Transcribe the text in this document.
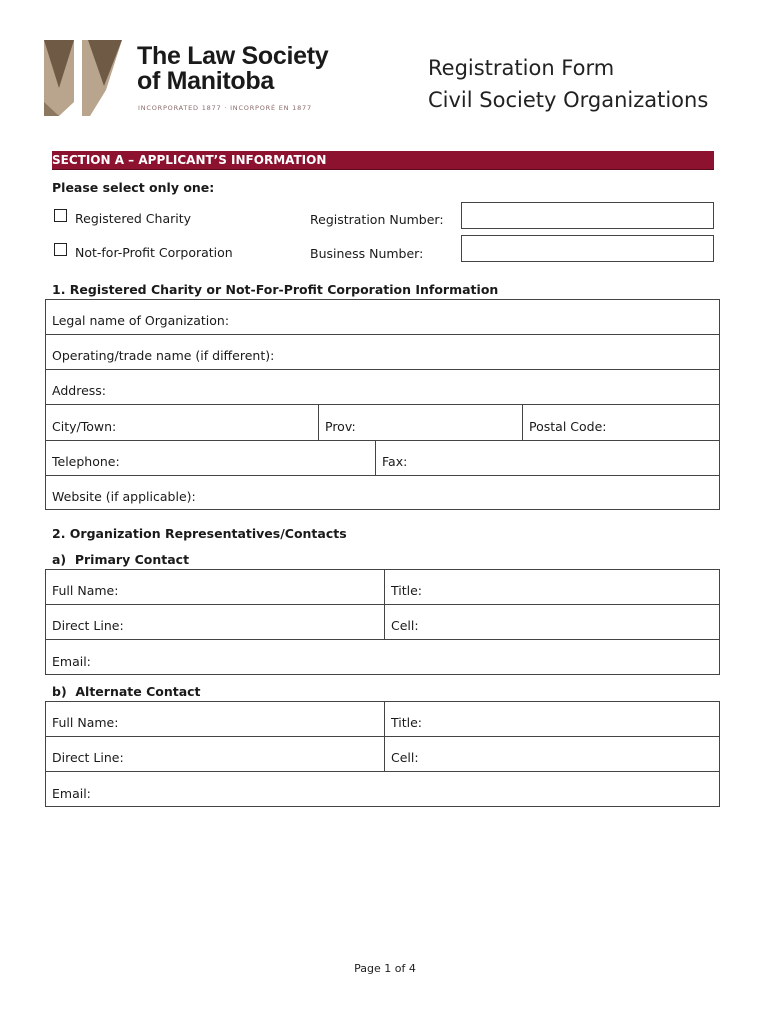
The Law Society
of Manitoba
INCORPORATED 1877 · INCORPORÉ EN 1877
Registration Form
Civil Society Organizations
SECTION A – APPLICANT’S INFORMATION
Please select only one:
Registered Charity	Registration Number:
Not-for-Profit Corporation	Business Number:
1. Registered Charity or Not-For-Profit Corporation Information
Legal name of Organization:
Operating/trade name (if different):
Address:
City/Town:	Prov:	Postal Code:
Telephone:	Fax:
Website (if applicable):
2. Organization Representatives/Contacts
a)  Primary Contact
Full Name:	Title:
Direct Line:	Cell:
Email:
b)  Alternate Contact
Full Name:	Title:
Direct Line:	Cell:
Email:
Page 1 of 4
